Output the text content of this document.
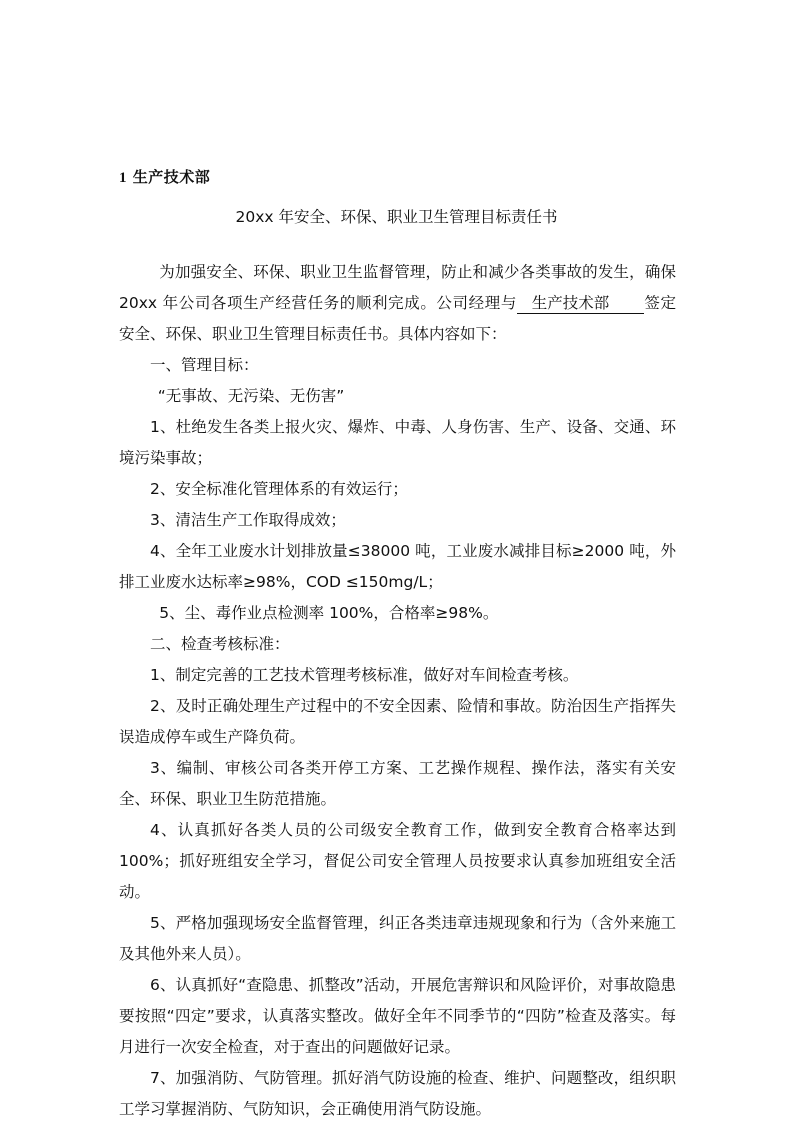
1 生产技术部
20xx 年安全、环保、职业卫生管理目标责任书

为加强安全、环保、职业卫生监督管理，防止和减少各类事故的发生，确保 20xx 年公司各项生产经营任务的顺利完成。公司经理与 生产技术部 签定安全、环保、职业卫生管理目标责任书。具体内容如下：

一、管理目标：

“无事故、无污染、无伤害”

1、杜绝发生各类上报火灾、爆炸、中毒、人身伤害、生产、设备、交通、环境污染事故；

2、安全标准化管理体系的有效运行；

3、清洁生产工作取得成效；

4、全年工业废水计划排放量≤38000 吨，工业废水减排目标≥2000 吨，外排工业废水达标率≥98%，COD ≤150mg/L；

5、尘、毒作业点检测率 100%，合格率≥98%。

二、检查考核标准：

1、制定完善的工艺技术管理考核标准，做好对车间检查考核。

2、及时正确处理生产过程中的不安全因素、险情和事故。防治因生产指挥失误造成停车或生产降负荷。

3、编制、审核公司各类开停工方案、工艺操作规程、操作法，落实有关安全、环保、职业卫生防范措施。

4、认真抓好各类人员的公司级安全教育工作，做到安全教育合格率达到100%；抓好班组安全学习，督促公司安全管理人员按要求认真参加班组安全活动。

5、严格加强现场安全监督管理，纠正各类违章违规现象和行为（含外来施工及其他外来人员）。

6、认真抓好“查隐患、抓整改”活动，开展危害辩识和风险评价，对事故隐患要按照“四定”要求，认真落实整改。做好全年不同季节的“四防”检查及落实。每月进行一次安全检查，对于查出的问题做好记录。

7、加强消防、气防管理。抓好消气防设施的检查、维护、问题整改，组织职工学习掌握消防、气防知识，会正确使用消气防设施。
